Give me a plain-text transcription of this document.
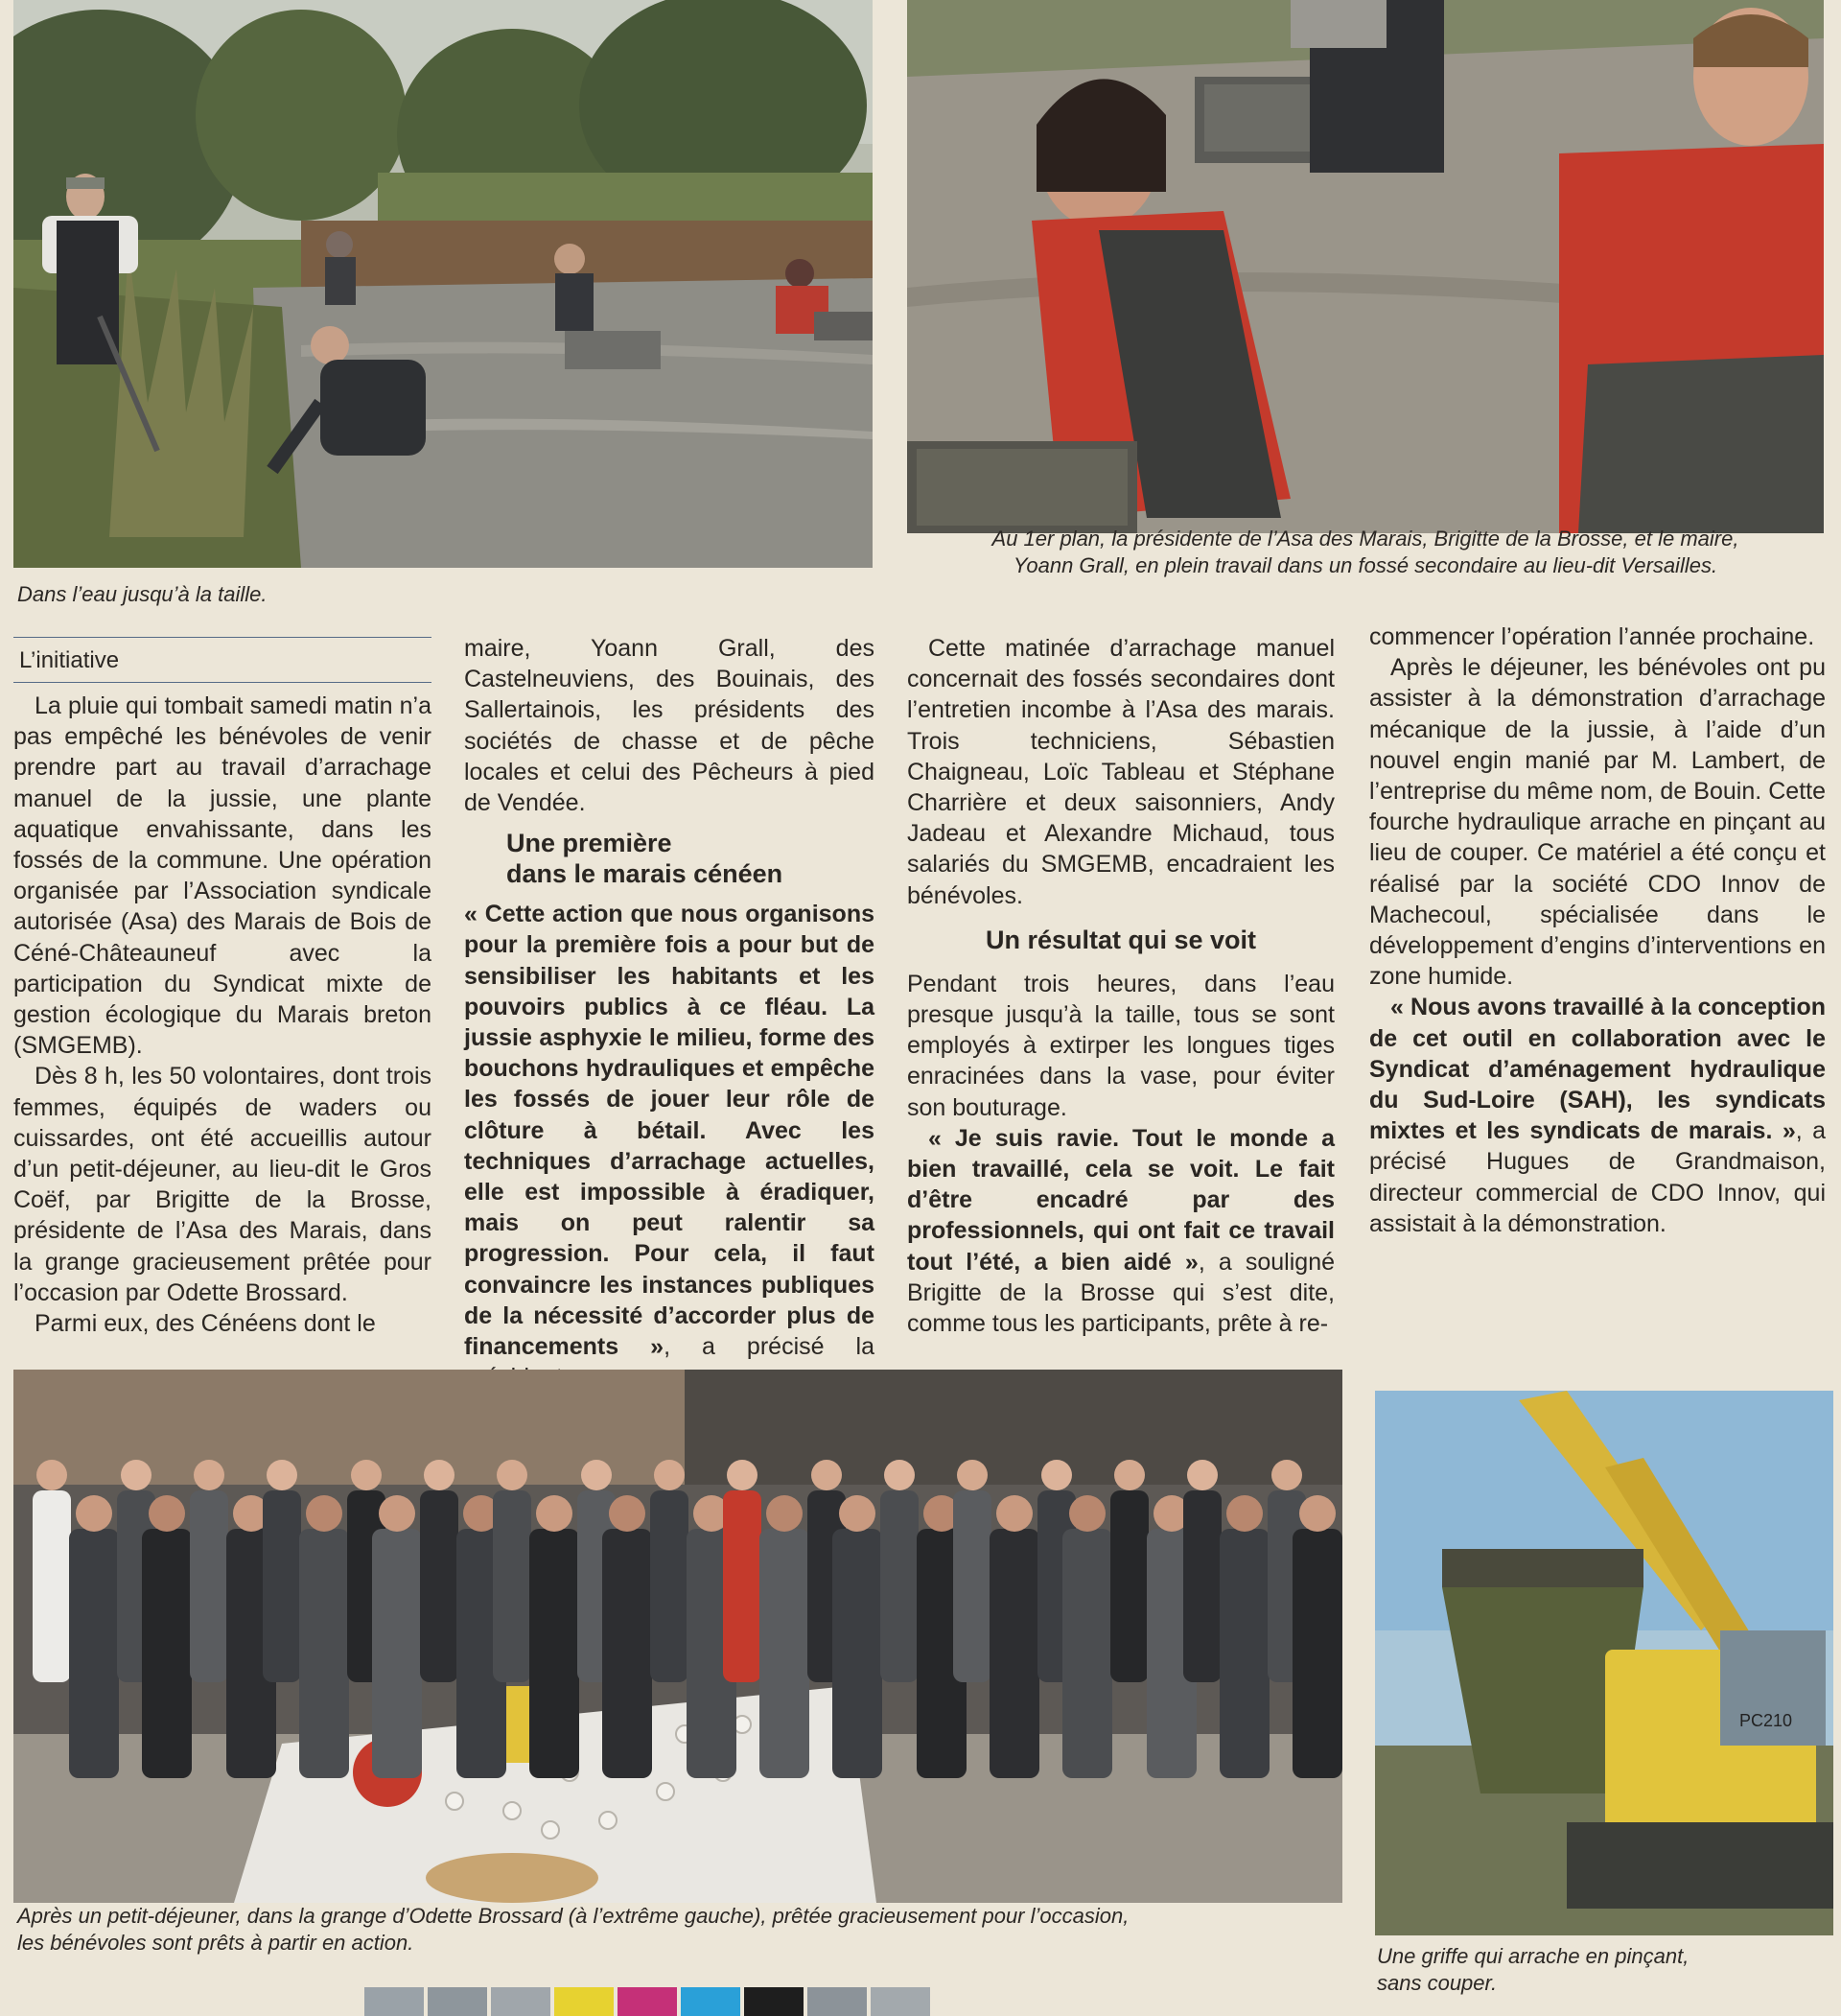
Dans l’eau jusqu’à la taille.

Au 1er plan, la présidente de l’Asa des Marais, Brigitte de la Brosse, et le maire,

Yoann Grall, en plein travail dans un fossé secondaire au lieu-dit Versailles.

L’initiative

La pluie qui tombait samedi matin n’a pas empêché les bénévoles de venir prendre part au travail d’arrachage manuel de la jussie, une plante aquatique envahissante, dans les fossés de la commune. Une opération organisée par l’Association syndicale autorisée (Asa) des Marais de Bois de Céné-Châteauneuf avec la participation du Syndicat mixte de gestion écologique du Marais breton (SMGEMB).

Dès 8 h, les 50 volontaires, dont trois femmes, équipés de waders ou cuissardes, ont été accueillis autour d’un petit-déjeuner, au lieu-dit le Gros Coëf, par Brigitte de la Brosse, présidente de l’Asa des Marais, dans la grange gracieusement prêtée pour l’occasion par Odette Brossard.

Parmi eux, des Cénéens dont le

maire, Yoann Grall, des Castelneuviens, des Bouinais, des Sallertainois, les présidents des sociétés de chasse et de pêche locales et celui des Pêcheurs à pied de Vendée.

Une première
dans le marais cénéen

« Cette action que nous organisons pour la première fois a pour but de sensibiliser les habitants et les pouvoirs publics à ce fléau. La jussie asphyxie le milieu, forme des bouchons hydrauliques et empêche les fossés de jouer leur rôle de clôture à bétail. Avec les techniques d’arrachage actuelles, elle est impossible à éradiquer, mais on peut ralentir sa progression. Pour cela, il faut convaincre les instances publiques de la nécessité d’accorder plus de financements », a précisé la

Cette matinée d’arrachage manuel concernait des fossés secondaires dont l’entretien incombe à l’Asa des marais. Trois techniciens, Sébastien Chaigneau, Loïc Tableau et Stéphane Charrière et deux saisonniers, Andy Jadeau et Alexandre Michaud, tous salariés du SMGEMB, encadraient les bénévoles.

Un résultat qui se voit

Pendant trois heures, dans l’eau presque jusqu’à la taille, tous se sont employés à extirper les longues tiges enracinées dans la vase, pour éviter son bouturage.

« Je suis ravie. Tout le monde a bien travaillé, cela se voit. Le fait d’être encadré par des professionnels, qui ont fait ce travail tout l’été, a bien aidé », a souligné Brigitte de la Brosse qui s’est dite, comme tous les participants, prête à re-

commencer l’opération l’année prochaine.

Après le déjeuner, les bénévoles ont pu assister à la démonstration d’arrachage mécanique de la jussie, à l’aide d’un nouvel engin manié par M. Lambert, de l’entreprise du même nom, de Bouin. Cette fourche hydraulique arrache en pinçant au lieu de couper. Ce matériel a été conçu et réalisé par la société CDO Innov de Machecoul, spécialisée dans le développement d’engins d’interventions en zone humide.

« Nous avons travaillé à la conception de cet outil en collaboration avec le Syndicat d’aménagement hydraulique du Sud-Loire (SAH), les syndicats mixtes et les syndicats de marais. », a précisé Hugues de Grandmaison, directeur commercial de CDO Innov, qui assistait à la démonstration.

Après un petit-déjeuner, dans la grange d’Odette Brossard (à l’extrême gauche), prêtée gracieusement pour l’occasion,

les bénévoles sont prêts à partir en action.

PC210

Une griffe qui arrache en pinçant,

sans couper.
